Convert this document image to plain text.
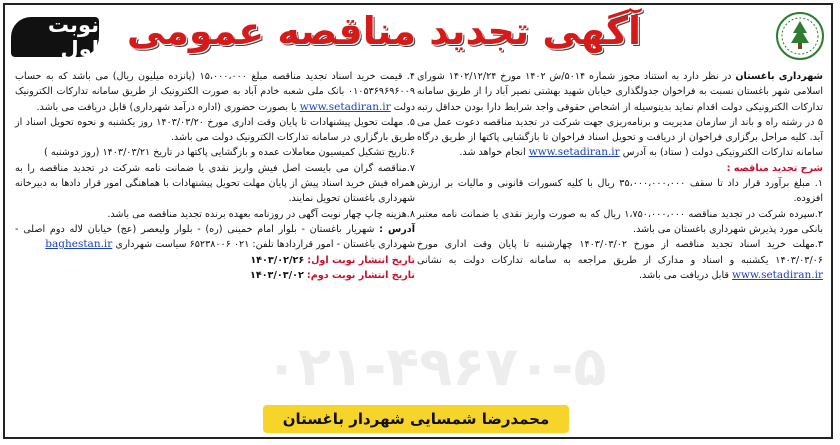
آگهی تجدید مناقصه عمومی
نوبت اول
۰۲۱-۴۹۶۷۰-۵

شهرداری باغستان در نظر دارد به استناد مجوز شماره ۵۰۱۴/ش ۱۴۰۲ مورخ ۱۴۰۲/۱۲/۲۴ شورای اسلامی شهر باغستان نسبت به فراخوان جدولگذاری خیابان شهید بهشتی نصیر آباد را از طریق سامانه تدارکات الکترونیکی دولت اقدام نماید بدینوسیله از اشخاص حقوقی واجد شرایط دارا بودن حداقل رتبه ۵ در رشته راه و باند از سازمان مدیریت و برنامه‌ریزی جهت شرکت در تجدید مناقصه دعوت عمل می آید. کلیه مراحل برگزاری فراخوان از دریافت و تحویل اسناد فراخوان تا بازگشایی پاکتها از طریق درگاه سامانه تدارکات الکترونیکی دولت ( ستاد) به آدرس www.setadiran.ir انجام خواهد شد.

شرح تجدید مناقصه :

۱. مبلغ برآورد قرار داد تا سقف ۳۵،۰۰۰،۰۰۰،۰۰۰ ریال با کلیه کسورات قانونی و مالیات بر ارزش افزوده.

۲.سپرده شرکت در تجدید مناقصه ۱،۷۵۰،۰۰۰،۰۰۰ ریال که به صورت واریز نقدی یا ضمانت نامه معتبر بانکی مورد پذیرش شهرداری باغستان می باشد.

۳.مهلت خرید اسناد تجدید مناقصه از مورخ ۱۴۰۳/۰۳/۰۲ چهارشنبه تا پایان وقت اداری مورخ ۱۴۰۳/۰۳/۰۶ یکشنبه و اسناد و مدارک از طریق مراجعه به سامانه تدارکات دولت به نشانی www.setadiran.ir قابل دریافت می باشد.

۴. قیمت خرید اسناد تجدید مناقصه مبلغ ۱۵،۰۰۰،۰۰۰ (پانزده میلیون ریال) می باشد که به حساب ۰۱۰۵۳۶۹۶۹۶۰۰۹ بانک ملی شعبه خادم آباد به صورت الکترونیک از طریق سامانه تدارکات الکترونیک دولت www.setadiran.ir یا بصورت حضوری (اداره درآمد شهرداری) قابل دریافت می باشد.

۵. مهلت تحویل پیشنهادات تا پایان وقت اداری مورخ ۱۴۰۳/۰۳/۲۰ روز یکشنبه و نحوه تحویل اسناد از طریق بارگزاری در سامانه تدارکات الکترونیک دولت می باشد.

۶.تاریخ تشکیل کمیسیون معاملات عمده و بازگشایی پاکتها در تاریخ ۱۴۰۳/۰۳/۲۱ (روز دوشنبه )

۷.مناقصه گران می بایست اصل فیش واریز نقدی یا ضمانت نامه شرکت در تجدید مناقصه را به همراه فیش خرید اسناد پیش از پایان مهلت تحویل پیشنهادات با هماهنگی امور قرار دادها به دبیرخانه شهرداری باغستان تحویل نمایند.

۸.هزینه چاپ چهار نوبت آگهی در روزنامه بعهده برنده تجدید مناقصه می باشد.

آدرس : شهریار باغستان - بلوار امام خمینی (ره) - بلوار ولیعصر (عج) خیابان لاله دوم اصلی - شهرداری باغستان - امور قراردادها تلفن: ۰۲۱ ۶۵۲۳۸۰۰۶ سیاست شهرداری baghestan.ir

تاریخ انتشار نوبت اول: ۱۴۰۳/۰۲/۲۶

تاریخ انتشار نوبت دوم: ۱۴۰۳/۰۳/۰۲

محمدرضا شمسایی شهردار باغستان
